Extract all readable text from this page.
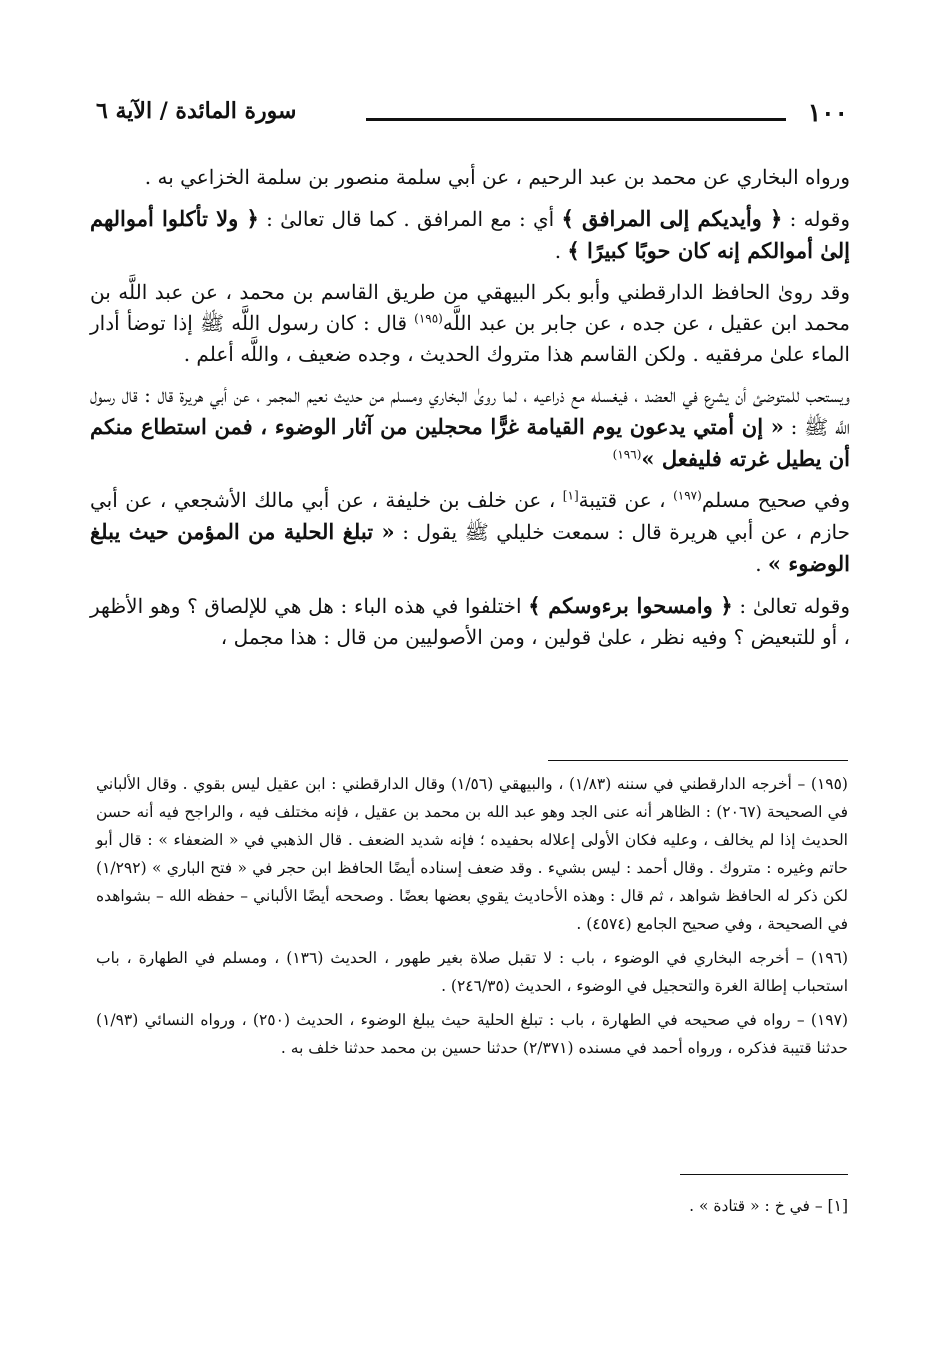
١٠٠
سورة المائدة / الآية ٦

ورواه البخاري عن محمد بن عبد الرحيم ، عن أبي سلمة منصور بن سلمة الخزاعي به .

وقوله : ﴿ وأيديكم إلى المرافق ﴾ أي : مع المرافق . كما قال تعالىٰ : ﴿ ولا تأكلوا أموالهم إلىٰ أموالكم إنه كان حوبًا كبيرًا ﴾ .

وقد روىٰ الحافظ الدارقطني وأبو بكر البيهقي من طريق القاسم بن محمد ، عن عبد اللَّه بن محمد ابن عقيل ، عن جده ، عن جابر بن عبد اللَّه$^{(١٩٥)}$ قال : كان رسول اللَّه ﷺ إذا توضأ أدار الماء علىٰ مرفقيه . ولكن القاسم هذا متروك الحديث ، وجده ضعيف ، واللَّه أعلم .

ويستحب للمتوضئ أن يشرع في العضد ، فيغسله مع ذراعيه ، لما روىٰ البخاري ومسلم من حديث نعيم المجمر ، عن أبي هريرة قال : قال رسول اللَّه ﷺ : « إن أمتي يدعون يوم القيامة غرًّا محجلين من آثار الوضوء ، فمن استطاع منكم أن يطيل غرته فليفعل »$^{(١٩٦)}$

وفي صحيح مسلم$^{(١٩٧)}$ ، عن قتيبة[١] ، عن خلف بن خليفة ، عن أبي مالك الأشجعي ، عن أبي حازم ، عن أبي هريرة قال : سمعت خليلي ﷺ يقول : « تبلغ الحلية من المؤمن حيث يبلغ الوضوء » .

وقوله تعالىٰ : ﴿ وامسحوا برءوسكم ﴾ اختلفوا في هذه الباء : هل هي للإلصاق ؟ وهو الأظهر ، أو للتبعيض ؟ وفيه نظر ، علىٰ قولين ، ومن الأصوليين من قال : هذا مجمل ،

(١٩٥) – أخرجه الدارقطني في سننه (١/٨٣) ، والبيهقي (١/٥٦) وقال الدارقطني : ابن عقيل ليس بقوي . وقال الألباني في الصحيحة (٢٠٦٧) : الظاهر أنه عنى الجد وهو عبد الله بن محمد بن عقيل ، فإنه مختلف فيه ، والراجح فيه أنه حسن الحديث إذا لم يخالف ، وعليه فكان الأولى إعلاله بحفيده ؛ فإنه شديد الضعف . قال الذهبي في « الضعفاء » : قال أبو حاتم وغيره : متروك . وقال أحمد : ليس بشيء . وقد ضعف إسناده أيضًا الحافظ ابن حجر في « فتح الباري » (١/٢٩٢) لكن ذكر له الحافظ شواهد ، ثم قال : وهذه الأحاديث يقوي بعضها بعضًا . وصححه أيضًا الألباني – حفظه الله – بشواهده في الصحيحة ، وفي صحيح الجامع (٤٥٧٤) .

(١٩٦) – أخرجه البخاري في الوضوء ، باب : لا تقبل صلاة بغير طهور ، الحديث (١٣٦) ، ومسلم في الطهارة ، باب استحباب إطالة الغرة والتحجيل في الوضوء ، الحديث (٢٤٦/٣٥) .

(١٩٧) – رواه في صحيحه في الطهارة ، باب : تبلغ الحلية حيث يبلغ الوضوء ، الحديث (٢٥٠) ، ورواه النسائي (١/٩٣) حدثنا قتيبة فذكره ، ورواه أحمد في مسنده (٢/٣٧١) حدثنا حسين بن محمد حدثنا خلف به .

[١] – في خ : « قتادة » .
